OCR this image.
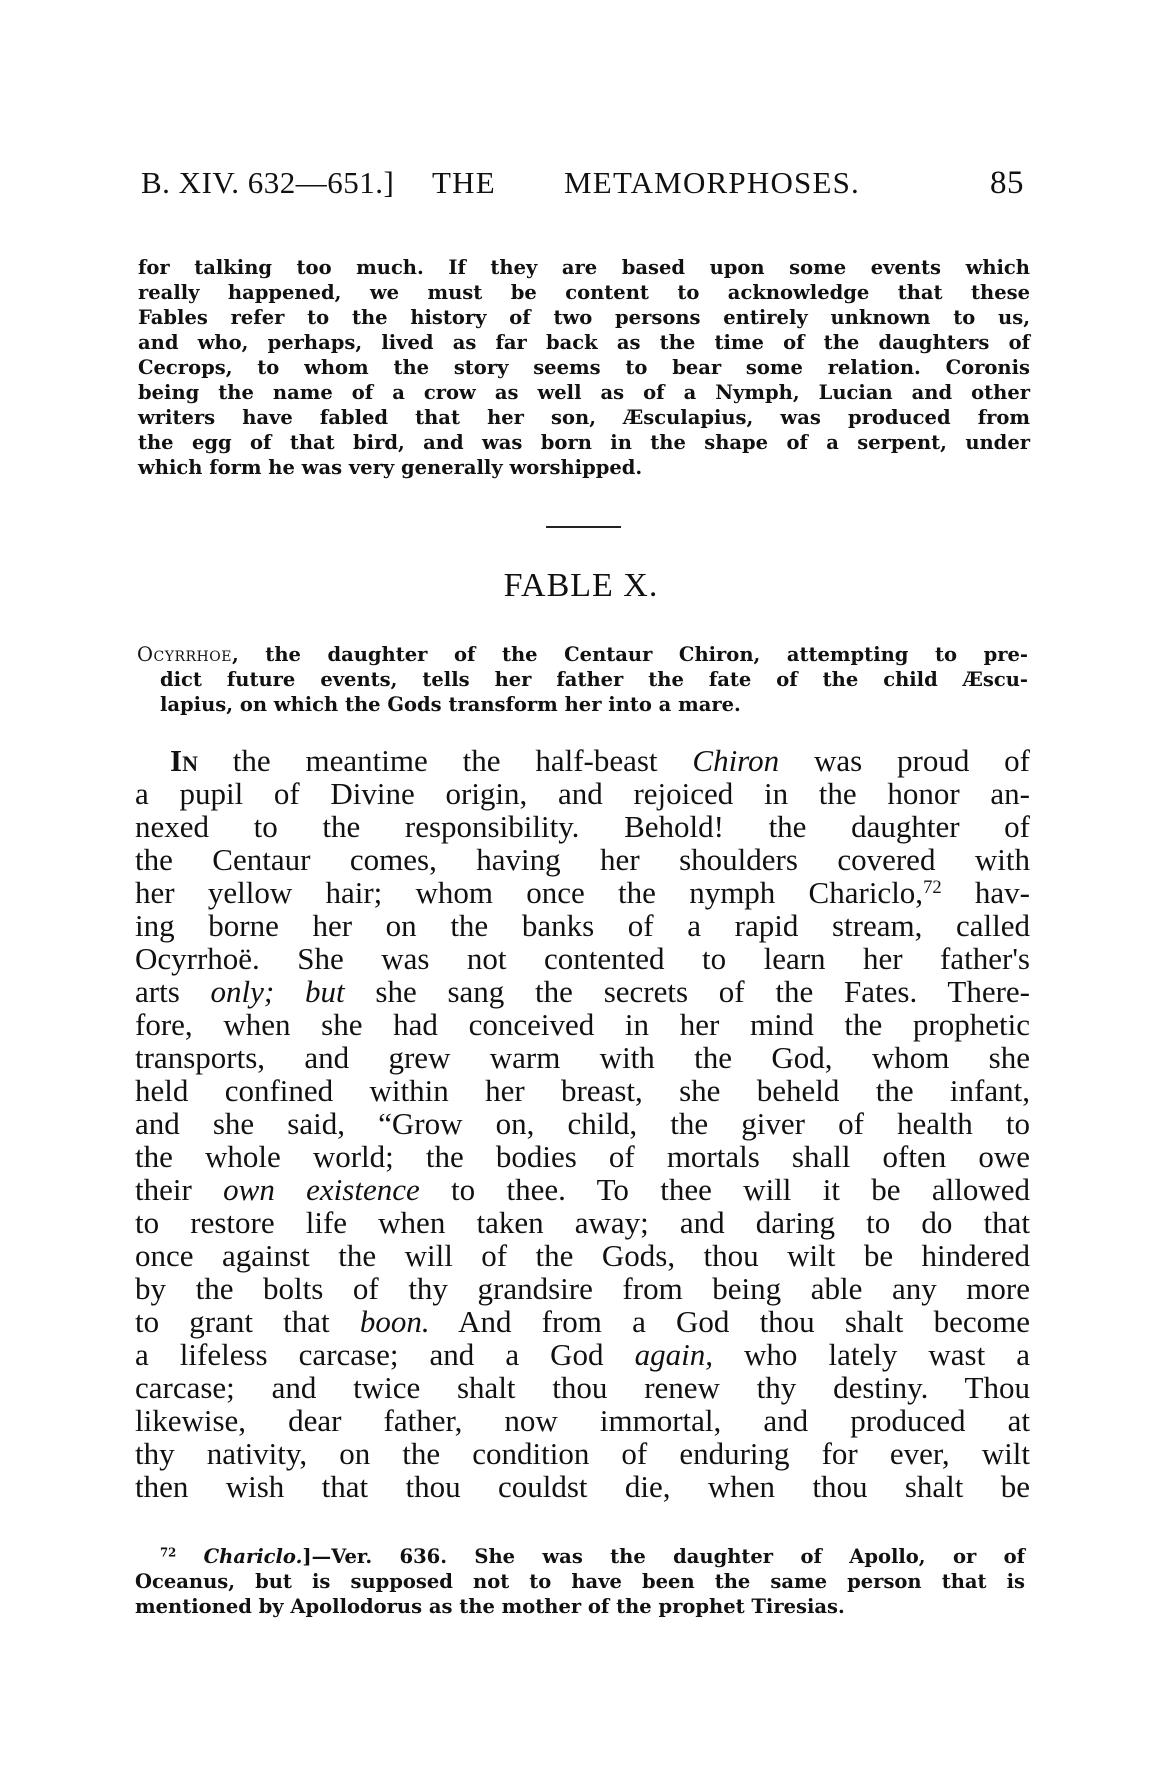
B. XIV. 632—651.] THE METAMORPHOSES.	85
for talking too much. If they are based upon some events which
really happened, we must be content to acknowledge that these
Fables refer to the history of two persons entirely unknown to us,
and who, perhaps, lived as far back as the time of the daughters of
Cecrops, to whom the story seems to bear some relation. Coronis
being the name of a crow as well as of a Nymph, Lucian and other
writers have fabled that her son, Æsculapius, was produced from
the egg of that bird, and was born in the shape of a serpent, under
which form he was very generally worshipped.
FABLE X.
Ocyrrhoe, the daughter of the Centaur Chiron, attempting to pre-
dict future events, tells her father the fate of the child Æscu-
lapius, on which the Gods transform her into a mare.
In the meantime the half-beast Chiron was proud of
a pupil of Divine origin, and rejoiced in the honor an-
nexed to the responsibility. Behold! the daughter of
the Centaur comes, having her shoulders covered with
her yellow hair; whom once the nymph Chariclo,$^{72}$ hav-
ing borne her on the banks of a rapid stream, called
Ocyrrhoë. She was not contented to learn her father's
arts only; but she sang the secrets of the Fates. There-
fore, when she had conceived in her mind the prophetic
transports, and grew warm with the God, whom she
held confined within her breast, she beheld the infant,
and she said, “Grow on, child, the giver of health to
the whole world; the bodies of mortals shall often owe
their own existence to thee. To thee will it be allowed
to restore life when taken away; and daring to do that
once against the will of the Gods, thou wilt be hindered
by the bolts of thy grandsire from being able any more
to grant that boon. And from a God thou shalt become
a lifeless carcase; and a God again, who lately wast a
carcase; and twice shalt thou renew thy destiny. Thou
likewise, dear father, now immortal, and produced at
thy nativity, on the condition of enduring for ever, wilt
then wish that thou couldst die, when thou shalt be
$^{72}$ Chariclo.]—Ver. 636. She was the daughter of Apollo, or of
Oceanus, but is supposed not to have been the same person that is
mentioned by Apollodorus as the mother of the prophet Tiresias.
